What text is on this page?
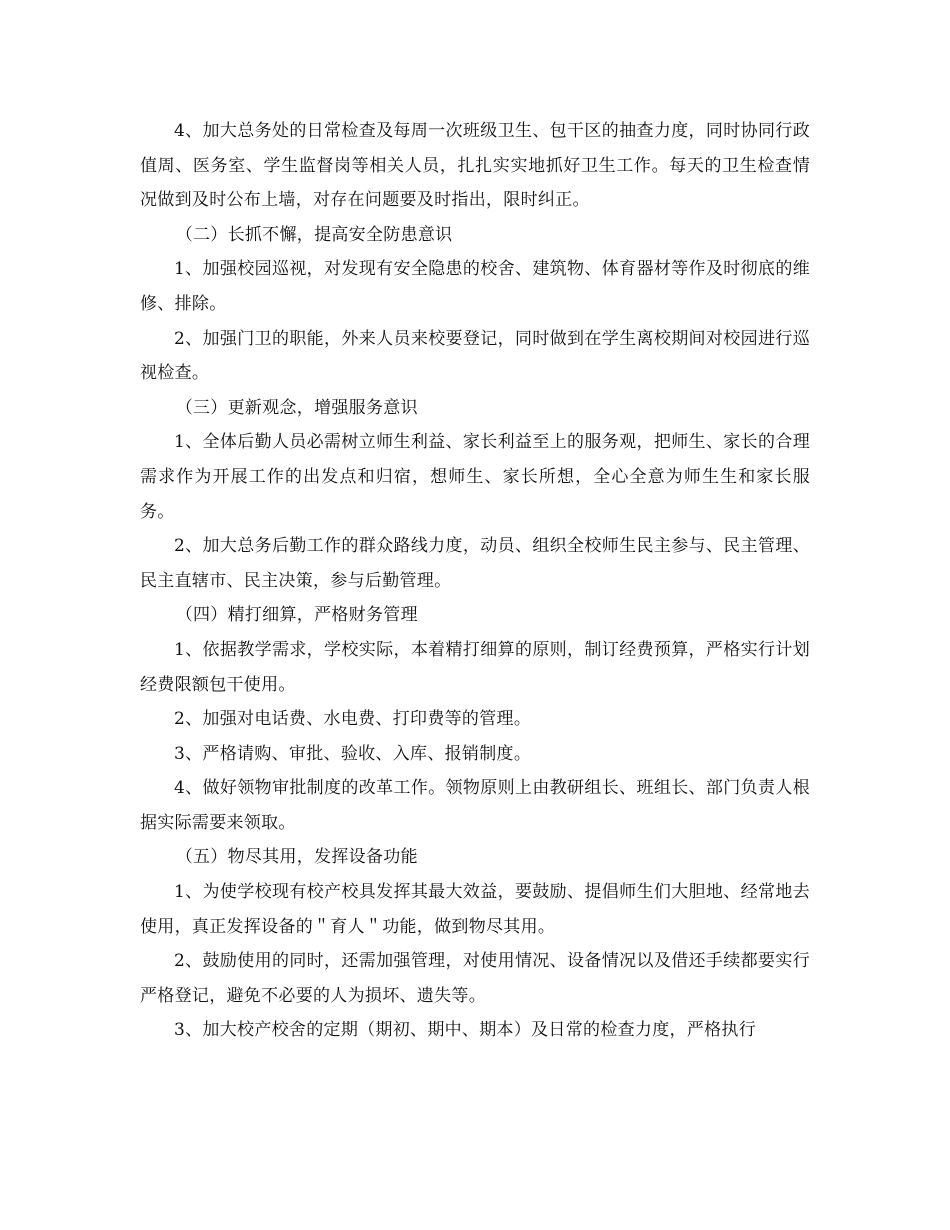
4、加大总务处的日常检查及每周一次班级卫生、包干区的抽查力度，同时协同行政值周、医务室、学生监督岗等相关人员，扎扎实实地抓好卫生工作。每天的卫生检查情况做到及时公布上墙，对存在问题要及时指出，限时纠正。

（二）长抓不懈，提高安全防患意识

1、加强校园巡视，对发现有安全隐患的校舍、建筑物、体育器材等作及时彻底的维修、排除。

2、加强门卫的职能，外来人员来校要登记，同时做到在学生离校期间对校园进行巡视检查。

（三）更新观念，增强服务意识

1、全体后勤人员必需树立师生利益、家长利益至上的服务观，把师生、家长的合理需求作为开展工作的出发点和归宿，想师生、家长所想，全心全意为师生生和家长服务。

2、加大总务后勤工作的群众路线力度，动员、组织全校师生民主参与、民主管理、民主直辖市、民主决策，参与后勤管理。

（四）精打细算，严格财务管理

1、依据教学需求，学校实际，本着精打细算的原则，制订经费预算，严格实行计划经费限额包干使用。

2、加强对电话费、水电费、打印费等的管理。

3、严格请购、审批、验收、入库、报销制度。

4、做好领物审批制度的改革工作。领物原则上由教研组长、班组长、部门负责人根据实际需要来领取。

（五）物尽其用，发挥设备功能

1、为使学校现有校产校具发挥其最大效益，要鼓励、提倡师生们大胆地、经常地去使用，真正发挥设备的＂育人＂功能，做到物尽其用。

2、鼓励使用的同时，还需加强管理，对使用情况、设备情况以及借还手续都要实行严格登记，避免不必要的人为损坏、遗失等。

3、加大校产校舍的定期（期初、期中、期本）及日常的检查力度，严格执行
